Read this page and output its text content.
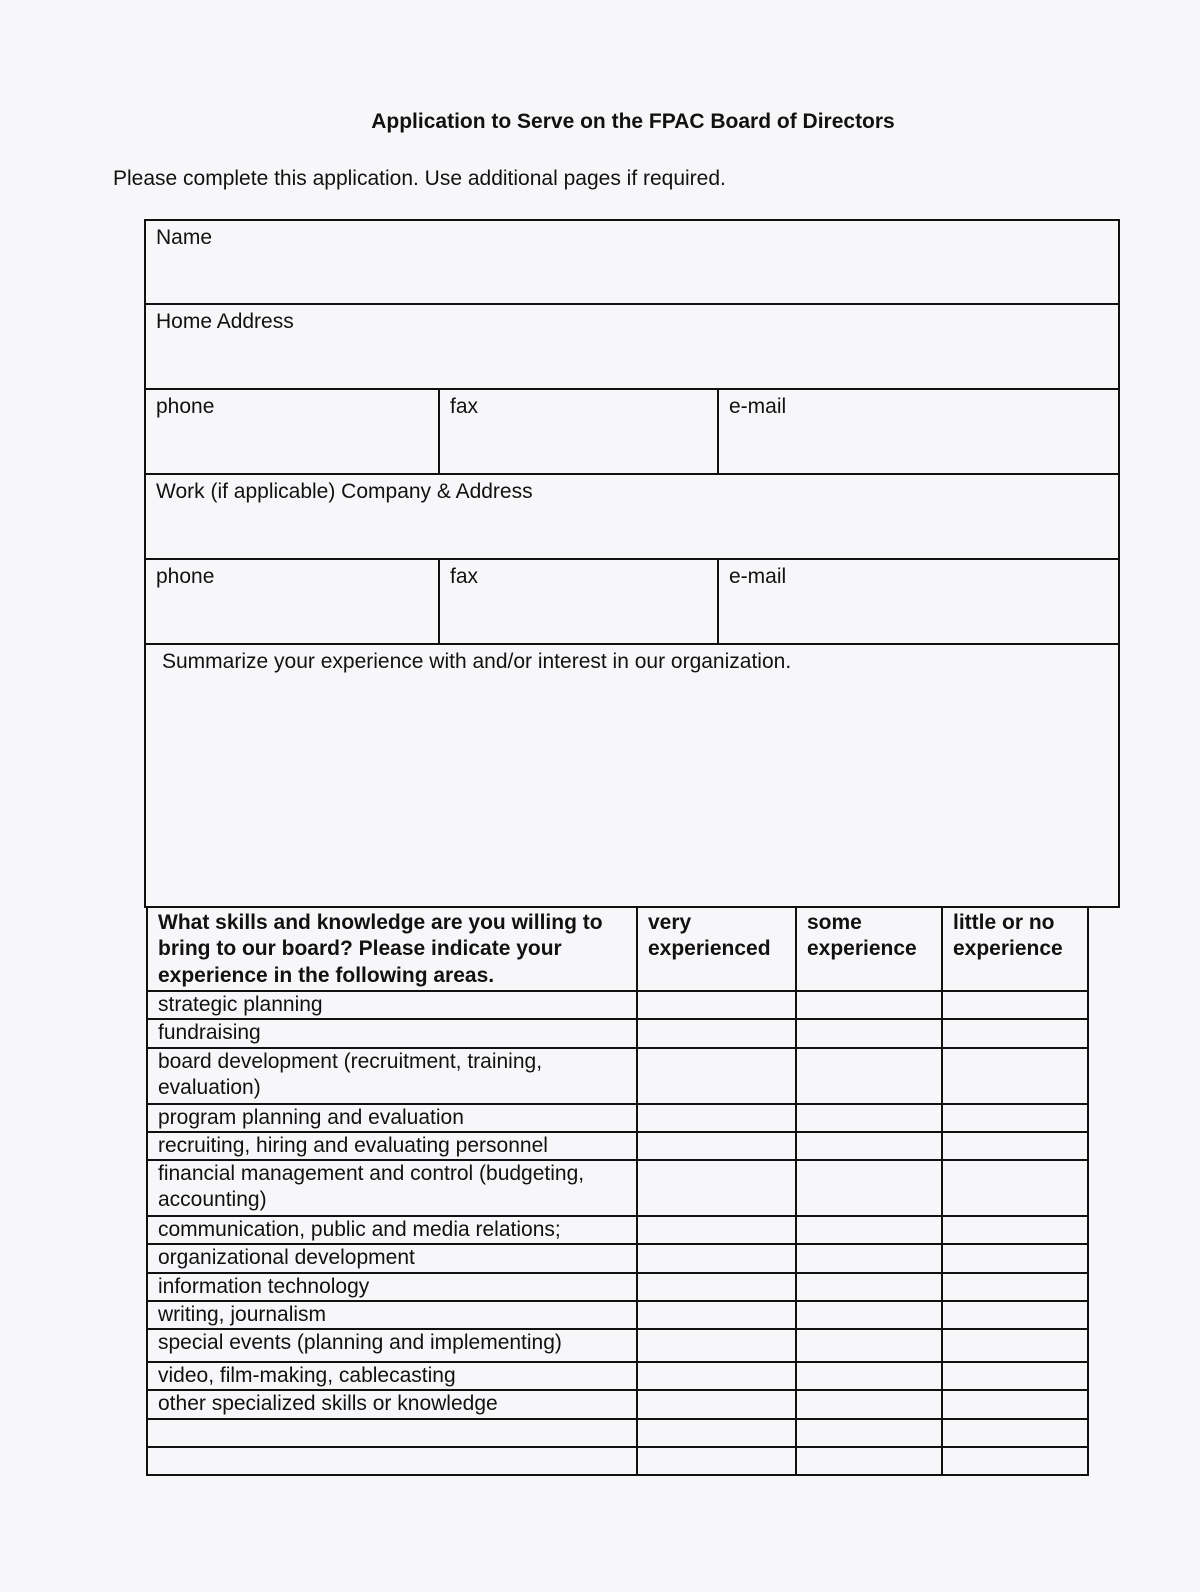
Application to Serve on the FPAC Board of Directors
Please complete this application. Use additional pages if required.
Name
Home Address
phone	fax	e-mail
Work (if applicable) Company & Address
phone	fax	e-mail
Summarize your experience with and/or interest in our organization.
What skills and knowledge are you willing to bring to our board? Please indicate your experience in the following areas.	very experienced	some experience	little or no experience
strategic planning			
fundraising			
board development (recruitment, training, evaluation)			
program planning and evaluation			
recruiting, hiring and evaluating personnel			
financial management and control (budgeting, accounting)			
communication, public and media relations;			
organizational development			
information technology			
writing, journalism			
special events (planning and implementing)			
video, film-making, cablecasting			
other specialized skills or knowledge			
